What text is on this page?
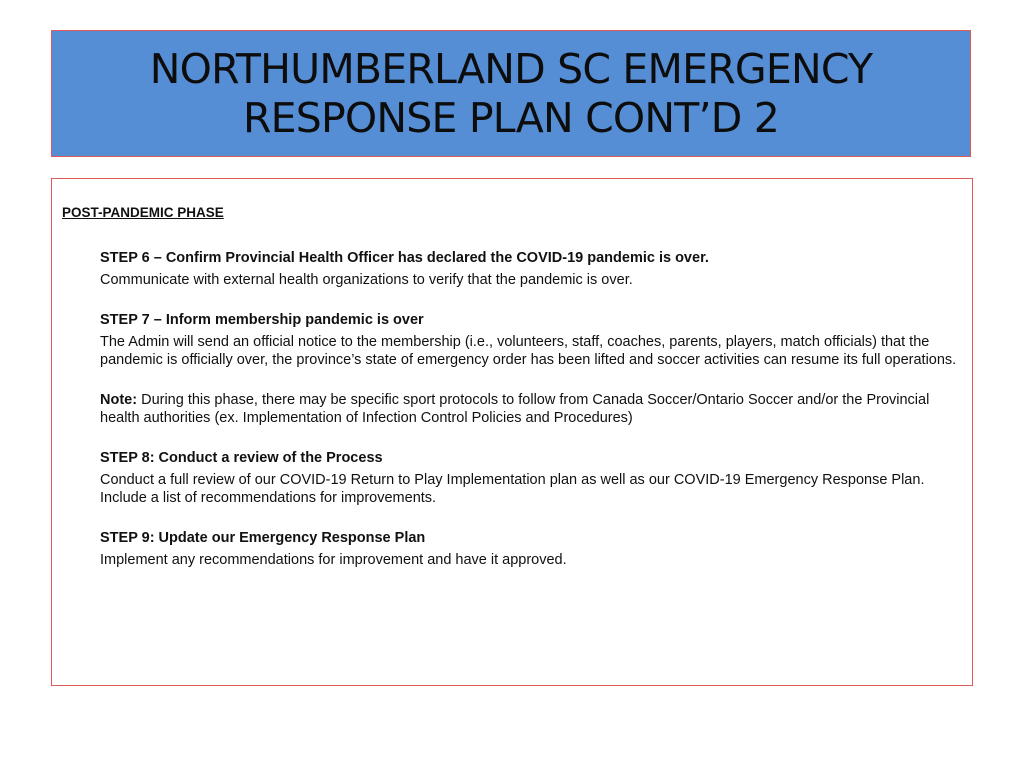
NORTHUMBERLAND SC EMERGENCY
RESPONSE PLAN CONT’D 2

POST-PANDEMIC PHASE

STEP 6 – Confirm Provincial Health Officer has declared the COVID-19 pandemic is over.

Communicate with external health organizations to verify that the pandemic is over.

STEP 7 – Inform membership pandemic is over

The Admin will send an official notice to the membership (i.e., volunteers, staff, coaches, parents, players, match officials) that the pandemic is officially over, the province’s state of emergency order has been lifted and soccer activities can resume its full operations.

Note: During this phase, there may be specific sport protocols to follow from Canada Soccer/Ontario Soccer and/or the Provincial health authorities (ex. Implementation of Infection Control Policies and Procedures)

STEP 8: Conduct a review of the Process

Conduct a full review of our COVID-19 Return to Play Implementation plan as well as our COVID-19 Emergency Response Plan. Include a list of recommendations for improvements.

STEP 9: Update our Emergency Response Plan

Implement any recommendations for improvement and have it approved.
